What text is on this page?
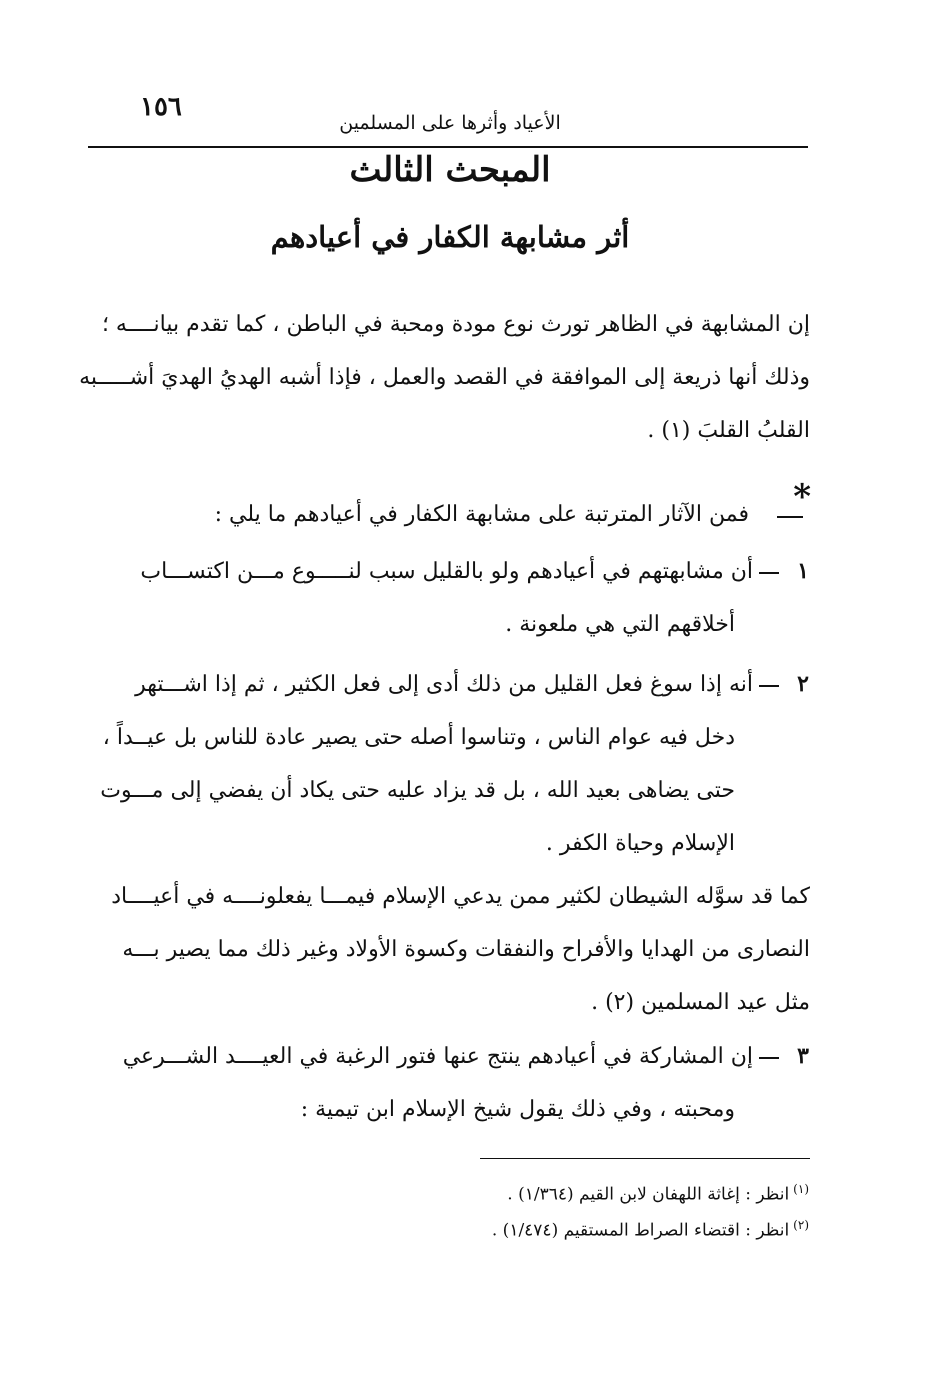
١٥٦
الأعياد وأثرها على المسلمين
المبحث الثالث
أثر مشابهة الكفار في أعيادهم
إن المشابهة في الظاهر تورث نوع مودة ومحبة في الباطن ، كما تقدم بيانــــه ؛
وذلك أنها ذريعة إلى الموافقة في القصد والعمل ، فإذا أشبه الهديُ الهديَ أشـــــبه
القلبُ القلبَ (١) .
*
فمن الآثار المترتبة على مشابهة الكفار في أعيادهم ما يلي :
١
أن مشابهتهم في أعيادهم ولو بالقليل سبب لنـــــوع مـــن اكتســـاب
أخلاقهم التي هي ملعونة .
٢
أنه إذا سوغ فعل القليل من ذلك أدى إلى فعل الكثير ، ثم إذا اشـــتهر
دخل فيه عوام الناس ، وتناسوا أصله حتى يصير عادة للناس بل عيــداً ،
حتى يضاهى بعيد الله ، بل قد يزاد عليه حتى يكاد أن يفضي إلى مـــوت
الإسلام وحياة الكفر .
كما قد سوَّله الشيطان لكثير ممن يدعي الإسلام فيمـــا يفعلونــــه في أعيــــاد
النصارى من الهدايا والأفراح والنفقات وكسوة الأولاد وغير ذلك مما يصير بـــه
مثل عيد المسلمين (٢) .
٣
إن المشاركة في أعيادهم ينتج عنها فتور الرغبة في العيــــد الشـــرعي
ومحبته ، وفي ذلك يقول شيخ الإسلام ابن تيمية :
$^{(١)}$انظر : إغاثة اللهفان لابن القيم (١/٣٦٤) .
$^{(٢)}$انظر : اقتضاء الصراط المستقيم (١/٤٧٤) .
